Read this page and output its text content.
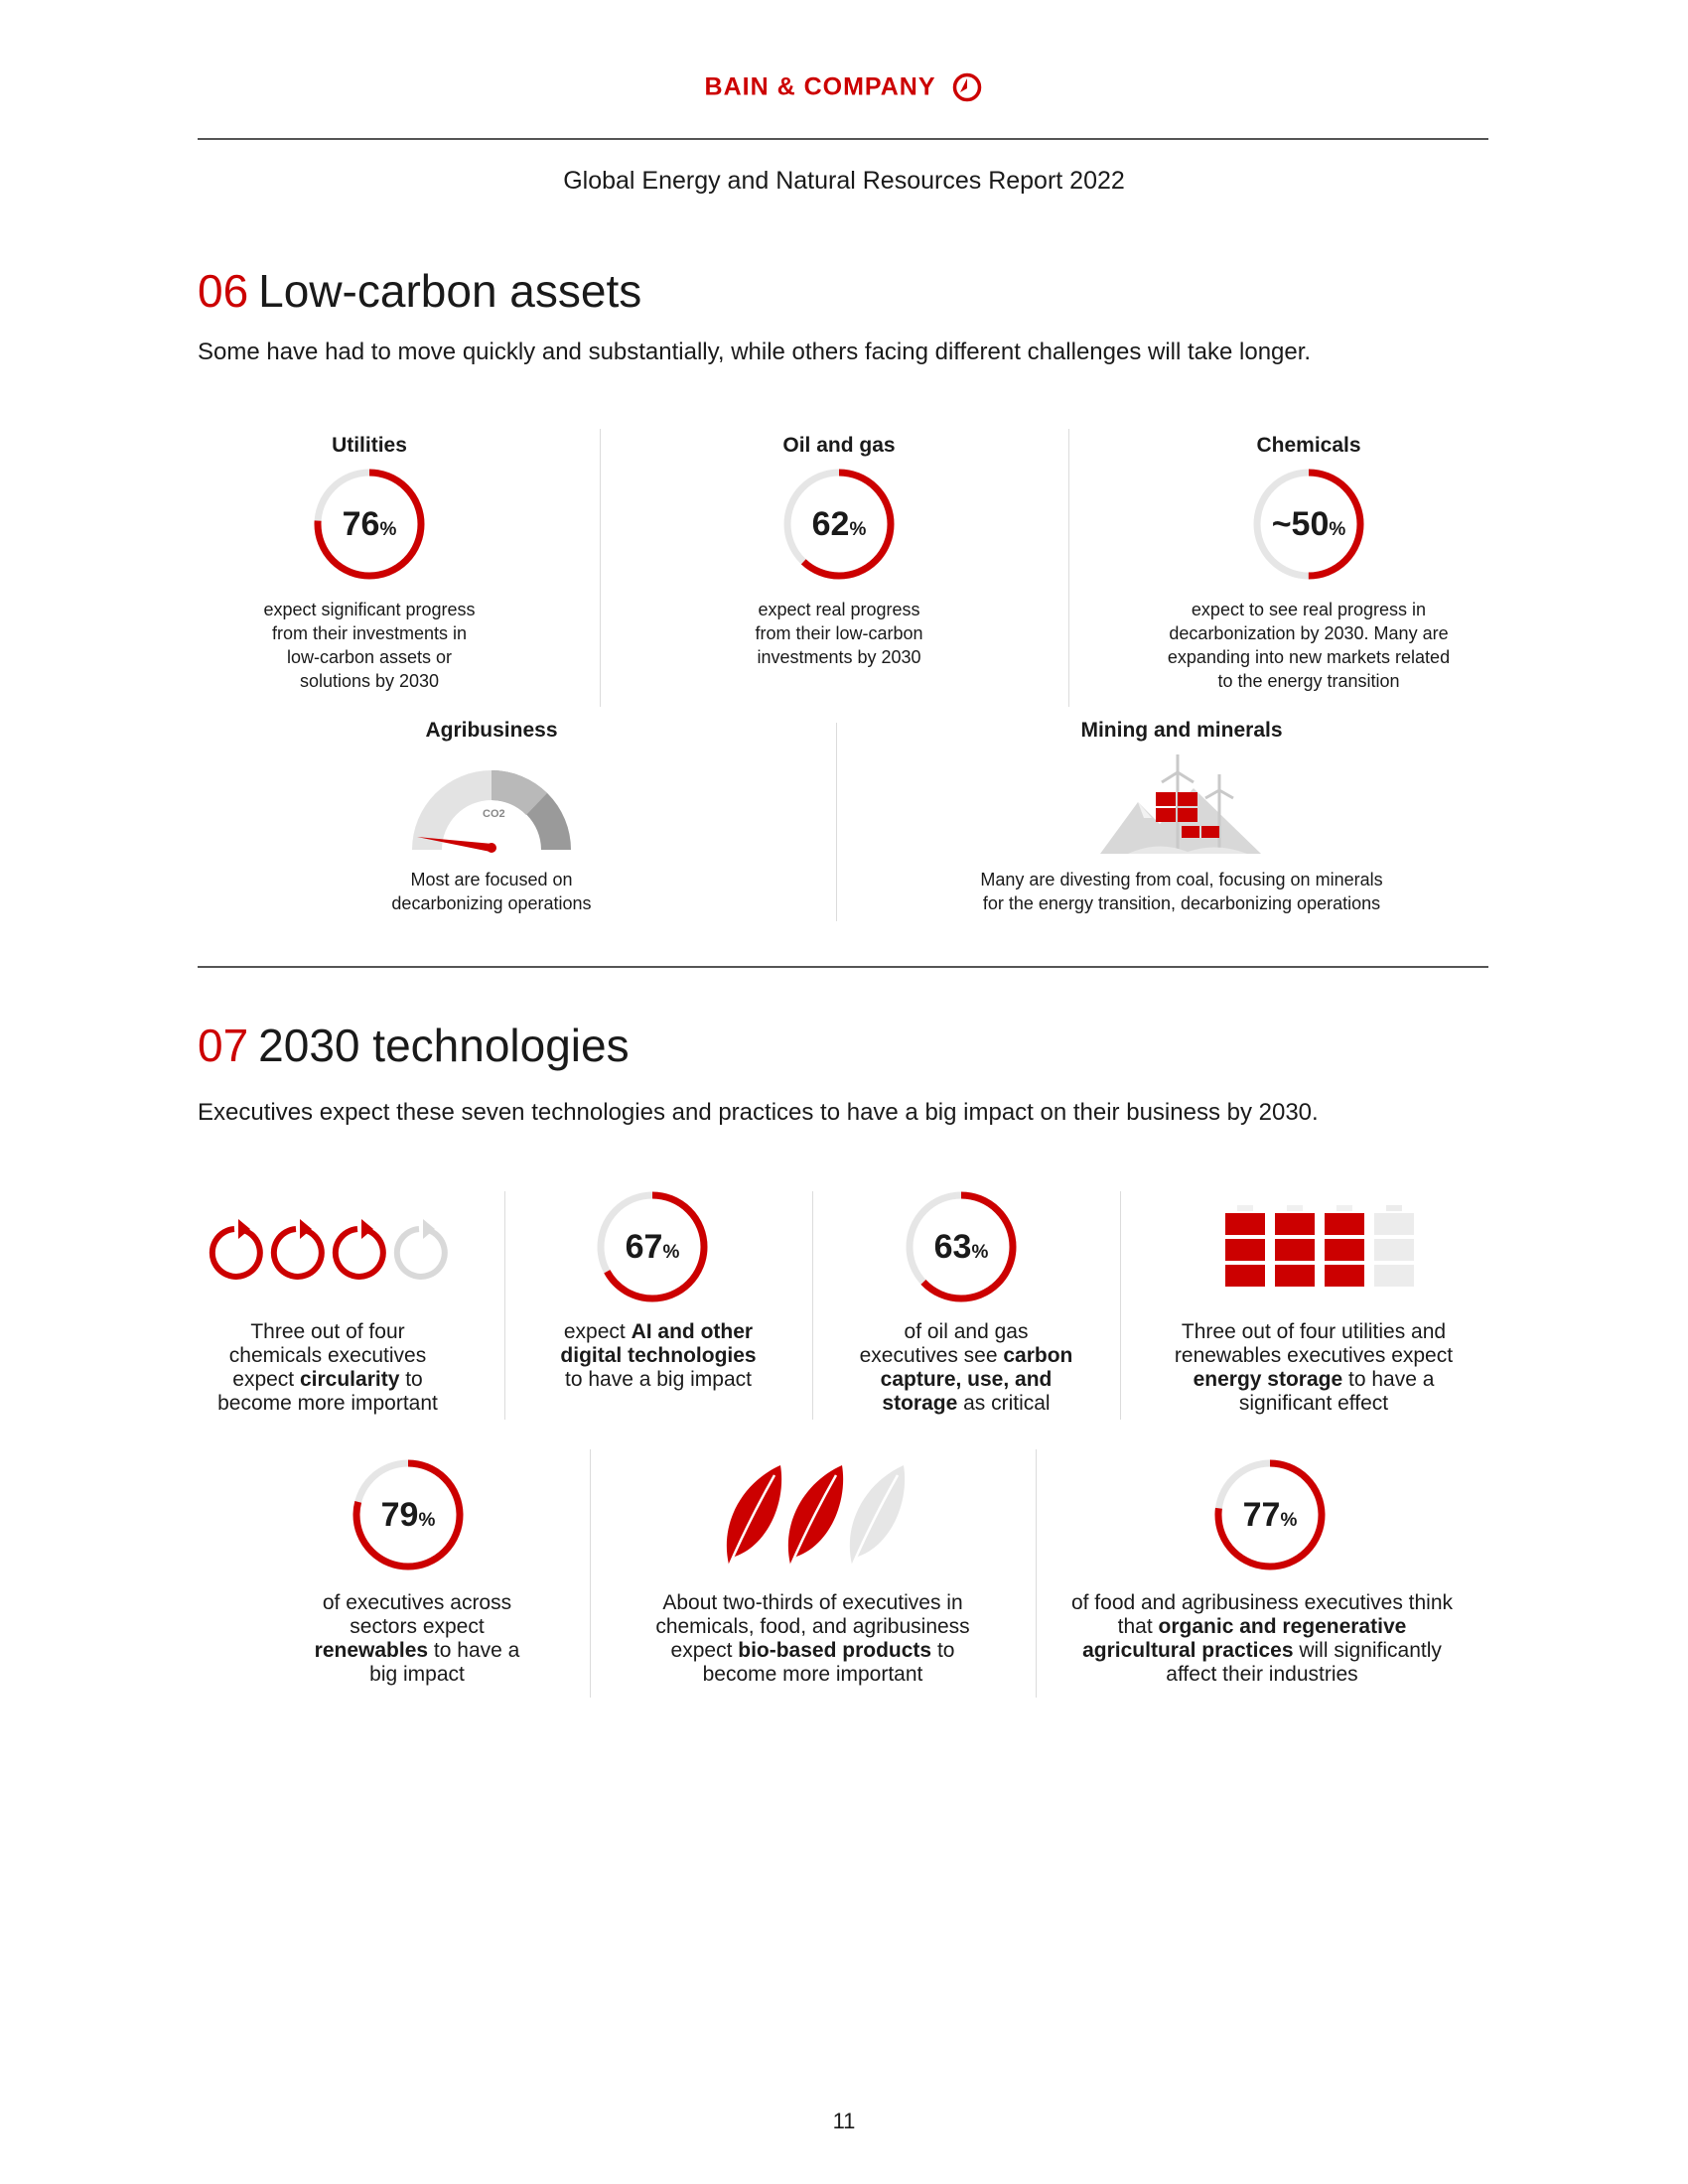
BAIN & COMPANY
Global Energy and Natural Resources Report 2022
06 Low-carbon assets
Some have had to move quickly and substantially, while others facing different challenges will take longer.
Agribusiness
CO2
Most are focused on
decarbonizing operations
Mining and minerals
Many are divesting from coal, focusing on minerals
for the energy transition, decarbonizing operations
07 2030 technologies
Executives expect these seven technologies and practices to have a big impact on their business by 2030.
11
Utilities
76%
expect significant progress
from their investments in
low-carbon assets or
solutions by 2030
Oil and gas
62%
expect real progress
from their low-carbon
investments by 2030
Chemicals
~50%
expect to see real progress in
decarbonization by 2030. Many are
expanding into new markets related
to the energy transition
67%	63%
79%	77%
Three out of four
chemicals executives
expect circularity to
become more important
expect AI and other
digital technologies
to have a big impact
of oil and gas
executives see carbon
capture, use, and
storage as critical
Three out of four utilities and
renewables executives expect
energy storage to have a
significant effect
of executives across
sectors expect
renewables to have a
big impact
About two-thirds of executives in
chemicals, food, and agribusiness
expect bio-based products to
become more important
of food and agribusiness executives think
that organic and regenerative
agricultural practices will significantly
affect their industries
